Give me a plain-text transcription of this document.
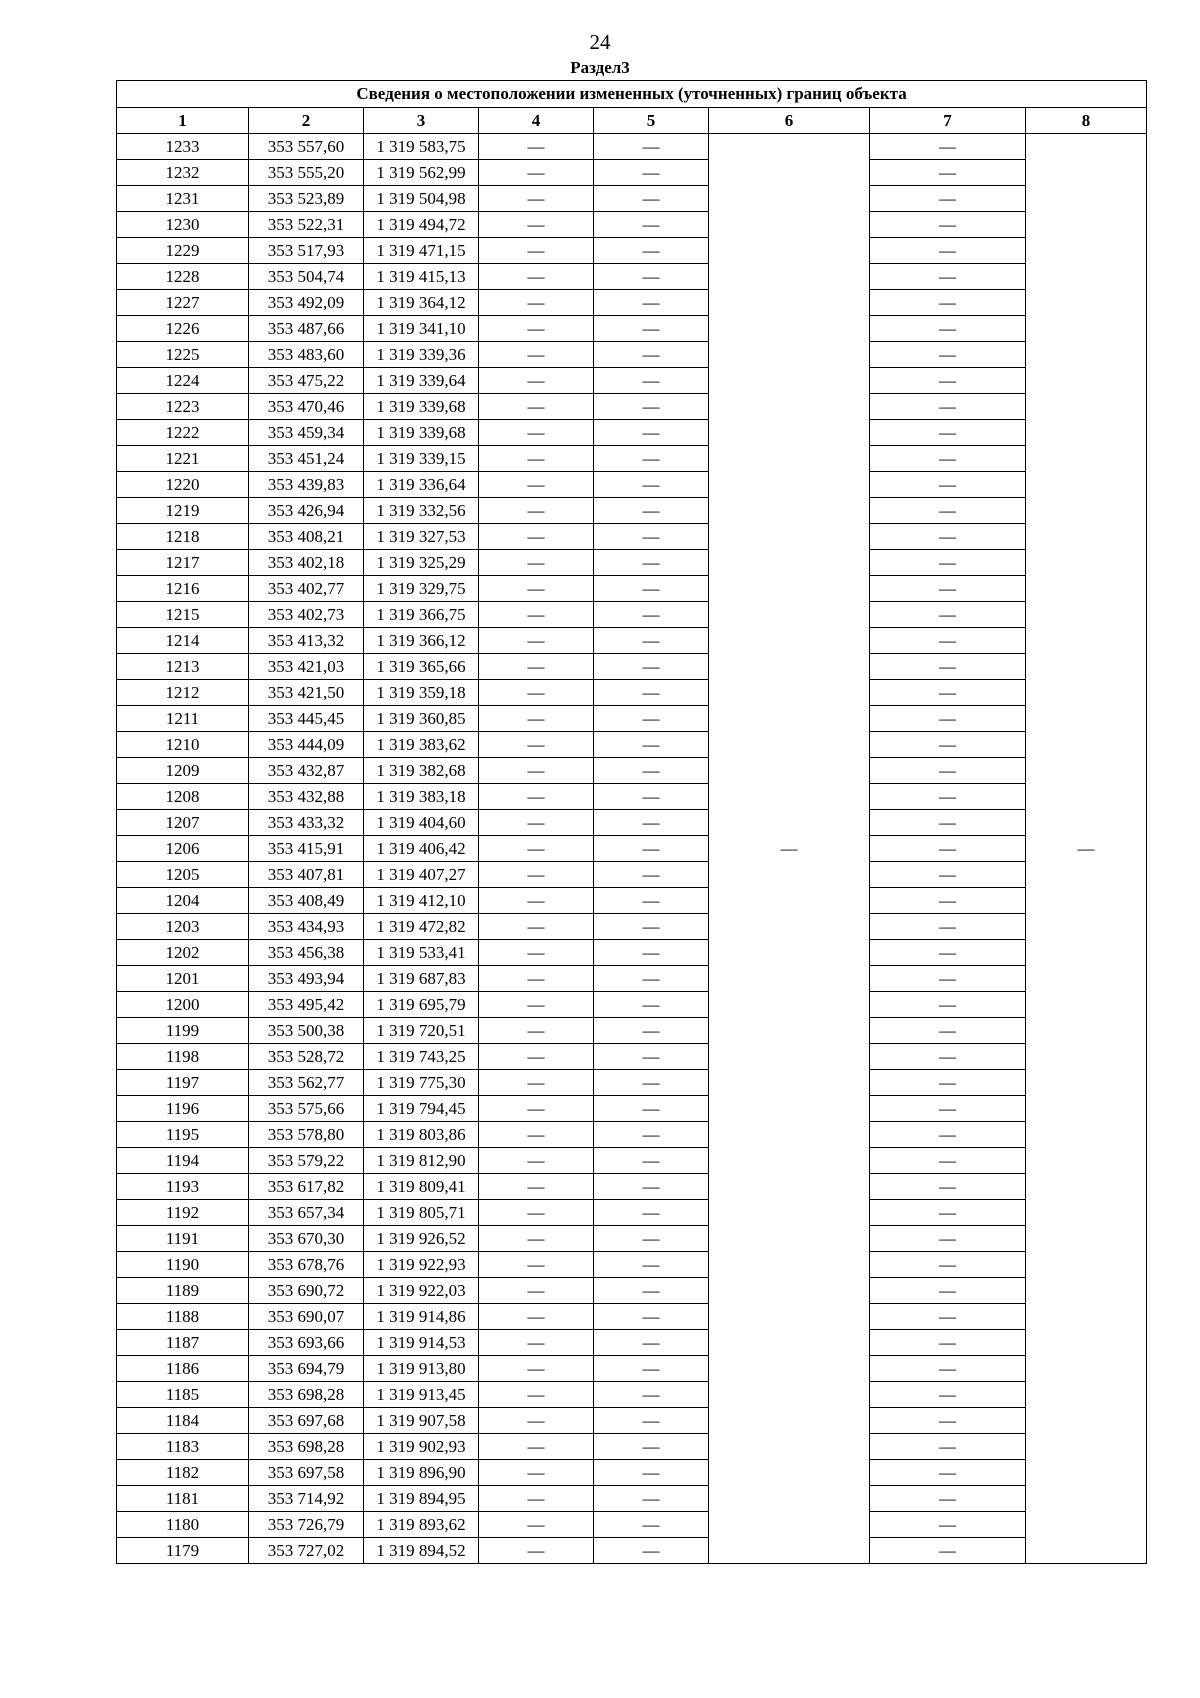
24
Раздел3
Сведения о местоположении измененных (уточненных) границ объекта							
1	2	3	4	5	6	7	8
1233	353 557,60	1 319 583,75	—	—	—	—	—
1232	353 555,20	1 319 562,99	—	—		—	
1231	353 523,89	1 319 504,98	—	—		—	
1230	353 522,31	1 319 494,72	—	—		—	
1229	353 517,93	1 319 471,15	—	—		—	
1228	353 504,74	1 319 415,13	—	—		—	
1227	353 492,09	1 319 364,12	—	—		—	
1226	353 487,66	1 319 341,10	—	—		—	
1225	353 483,60	1 319 339,36	—	—		—	
1224	353 475,22	1 319 339,64	—	—		—	
1223	353 470,46	1 319 339,68	—	—		—	
1222	353 459,34	1 319 339,68	—	—		—	
1221	353 451,24	1 319 339,15	—	—		—	
1220	353 439,83	1 319 336,64	—	—		—	
1219	353 426,94	1 319 332,56	—	—		—	
1218	353 408,21	1 319 327,53	—	—		—	
1217	353 402,18	1 319 325,29	—	—		—	
1216	353 402,77	1 319 329,75	—	—		—	
1215	353 402,73	1 319 366,75	—	—		—	
1214	353 413,32	1 319 366,12	—	—		—	
1213	353 421,03	1 319 365,66	—	—		—	
1212	353 421,50	1 319 359,18	—	—		—	
1211	353 445,45	1 319 360,85	—	—		—	
1210	353 444,09	1 319 383,62	—	—		—	
1209	353 432,87	1 319 382,68	—	—		—	
1208	353 432,88	1 319 383,18	—	—		—	
1207	353 433,32	1 319 404,60	—	—		—	
1206	353 415,91	1 319 406,42	—	—		—	
1205	353 407,81	1 319 407,27	—	—		—	
1204	353 408,49	1 319 412,10	—	—		—	
1203	353 434,93	1 319 472,82	—	—		—	
1202	353 456,38	1 319 533,41	—	—		—	
1201	353 493,94	1 319 687,83	—	—		—	
1200	353 495,42	1 319 695,79	—	—		—	
1199	353 500,38	1 319 720,51	—	—		—	
1198	353 528,72	1 319 743,25	—	—		—	
1197	353 562,77	1 319 775,30	—	—		—	
1196	353 575,66	1 319 794,45	—	—		—	
1195	353 578,80	1 319 803,86	—	—		—	
1194	353 579,22	1 319 812,90	—	—		—	
1193	353 617,82	1 319 809,41	—	—		—	
1192	353 657,34	1 319 805,71	—	—		—	
1191	353 670,30	1 319 926,52	—	—		—	
1190	353 678,76	1 319 922,93	—	—		—	
1189	353 690,72	1 319 922,03	—	—		—	
1188	353 690,07	1 319 914,86	—	—		—	
1187	353 693,66	1 319 914,53	—	—		—	
1186	353 694,79	1 319 913,80	—	—		—	
1185	353 698,28	1 319 913,45	—	—		—	
1184	353 697,68	1 319 907,58	—	—		—	
1183	353 698,28	1 319 902,93	—	—		—	
1182	353 697,58	1 319 896,90	—	—		—	
1181	353 714,92	1 319 894,95	—	—		—	
1180	353 726,79	1 319 893,62	—	—		—	
1179	353 727,02	1 319 894,52	—	—		—	
